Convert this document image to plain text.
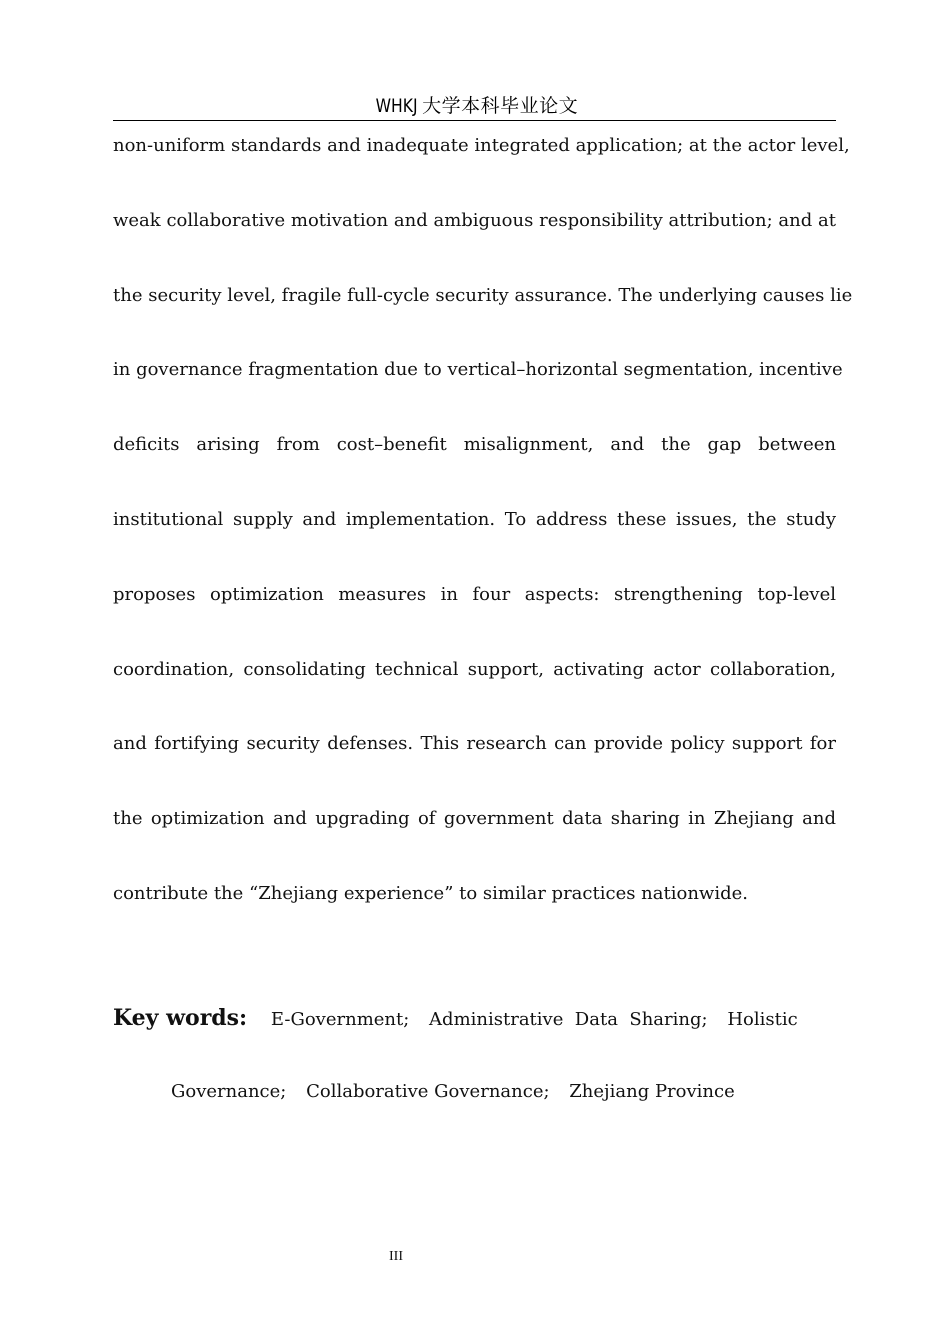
WHKJ 大学本科毕业论文
non-uniform standards and inadequate integrated application; at the actor level,
weak collaborative motivation and ambiguous responsibility attribution; and at
the security level, fragile full-cycle security assurance. The underlying causes lie
in governance fragmentation due to vertical–horizontal segmentation, incentive
deficits arising from cost–benefit misalignment, and the gap between
institutional supply and implementation. To address these issues, the study
proposes optimization measures in four aspects: strengthening top-level
coordination, consolidating technical support, activating actor collaboration,
and fortifying security defenses. This research can provide policy support for
the optimization and upgrading of government data sharing in Zhejiang and
contribute the “Zhejiang experience” to similar practices nationwide.
Key words: E-Government; Administrative  Data  Sharing; Holistic
Governance; Collaborative Governance; Zhejiang Province
III
